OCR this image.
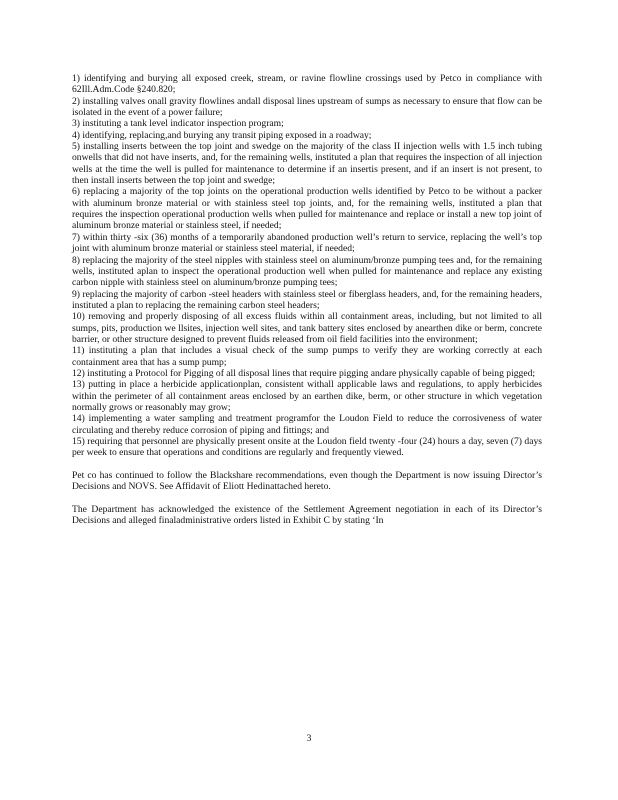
1) identifying and burying all exposed creek, stream, or ravine flowline crossings used by Petco in compliance with 62Ill.Adm.Code §240.820;
2) installing valves onall gravity flowlines andall disposal lines upstream of sumps as necessary to ensure that flow can be isolated in the event of a power failure;
3) instituting a tank level indicator inspection program;
4) identifying, replacing,and burying any transit piping exposed in a roadway;
5) installing inserts between the top joint and swedge on the majority of the class II injection wells with 1.5 inch tubing onwells that did not have inserts, and, for the remaining wells, instituted a plan that requires the inspection of all injection wells at the time the well is pulled for maintenance to determine if an insertis present, and if an insert is not present, to then install inserts between the top joint and swedge;
6) replacing a majority of the top joints on the operational production wells identified by Petco to be without a packer with aluminum bronze material or with stainless steel top joints, and, for the remaining wells, instituted a plan that requires the inspection operational production wells when pulled for maintenance and replace or install a new top joint of aluminum bronze material or stainless steel, if needed;
7) within thirty -six (36) months of a temporarily abandoned production well’s return to service, replacing the well’s top joint with aluminum bronze material or stainless steel material, if needed;
8) replacing the majority of the steel nipples with stainless steel on aluminum/bronze pumping tees and, for the remaining wells, instituted aplan to inspect the operational production well when pulled for maintenance and replace any existing carbon nipple with stainless steel on aluminum/bronze pumping tees;
9) replacing the majority of carbon -steel headers with stainless steel or fiberglass headers, and, for the remaining headers, instituted a plan to replacing the remaining carbon steel headers;
10) removing and properly disposing of all excess fluids within all containment areas, including, but not limited to all sumps, pits, production we llsites, injection well sites, and tank battery sites enclosed by anearthen dike or berm, concrete barrier, or other structure designed to prevent fluids released from oil field facilities into the environment;
11) instituting a plan that includes a visual check of the sump pumps to verify they are working correctly at each containment area that has a sump pump;
12) instituting a Protocol for Pigging of all disposal lines that require pigging andare physically capable of being pigged;
13) putting in place a herbicide applicationplan, consistent withall applicable laws and regulations, to apply herbicides within the perimeter of all containment areas enclosed by an earthen dike, berm, or other structure in which vegetation normally grows or reasonably may grow;
14) implementing a water sampling and treatment programfor the Loudon Field to reduce the corrosiveness of water circulating and thereby reduce corrosion of piping and fittings; and
15) requiring that personnel are physically present onsite at the Loudon field twenty -four (24) hours a day, seven (7) days per week to ensure that operations and conditions are regularly and frequently viewed.
Pet co has continued to follow the Blackshare recommendations, even though the Department is now issuing Director’s Decisions and NOVS. See Affidavit of Eliott Hedinattached hereto.
The Department has acknowledged the existence of the Settlement Agreement negotiation in each of its Director’s Decisions and alleged finaladministrative orders listed in Exhibit C by stating ‘In
3
